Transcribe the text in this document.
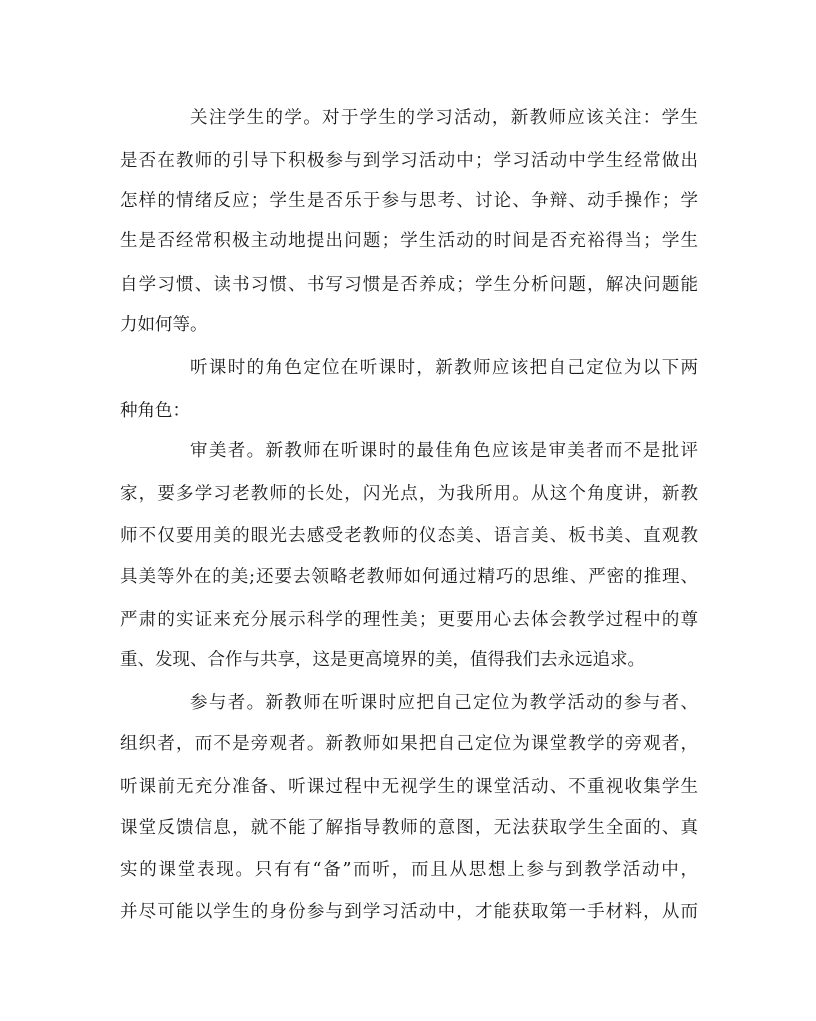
关注学生的学。对于学生的学习活动，新教师应该关注：学生

是否在教师的引导下积极参与到学习活动中；学习活动中学生经常做出

怎样的情绪反应；学生是否乐于参与思考、讨论、争辩、动手操作；学

生是否经常积极主动地提出问题；学生活动的时间是否充裕得当；学生

自学习惯、读书习惯、书写习惯是否养成；学生分析问题，解决问题能

力如何等。

听课时的角色定位在听课时，新教师应该把自己定位为以下两

种角色：

审美者。新教师在听课时的最佳角色应该是审美者而不是批评

家，要多学习老教师的长处，闪光点，为我所用。从这个角度讲，新教

师不仅要用美的眼光去感受老教师的仪态美、语言美、板书美、直观教

具美等外在的美;还要去领略老教师如何通过精巧的思维、严密的推理、

严肃的实证来充分展示科学的理性美；更要用心去体会教学过程中的尊

重、发现、合作与共享，这是更高境界的美，值得我们去永远追求。

参与者。新教师在听课时应把自己定位为教学活动的参与者、

组织者，而不是旁观者。新教师如果把自己定位为课堂教学的旁观者，

听课前无充分准备、听课过程中无视学生的课堂活动、不重视收集学生

课堂反馈信息，就不能了解指导教师的意图，无法获取学生全面的、真

实的课堂表现。只有有“备”而听，而且从思想上参与到教学活动中，

并尽可能以学生的身份参与到学习活动中，才能获取第一手材料，从而
